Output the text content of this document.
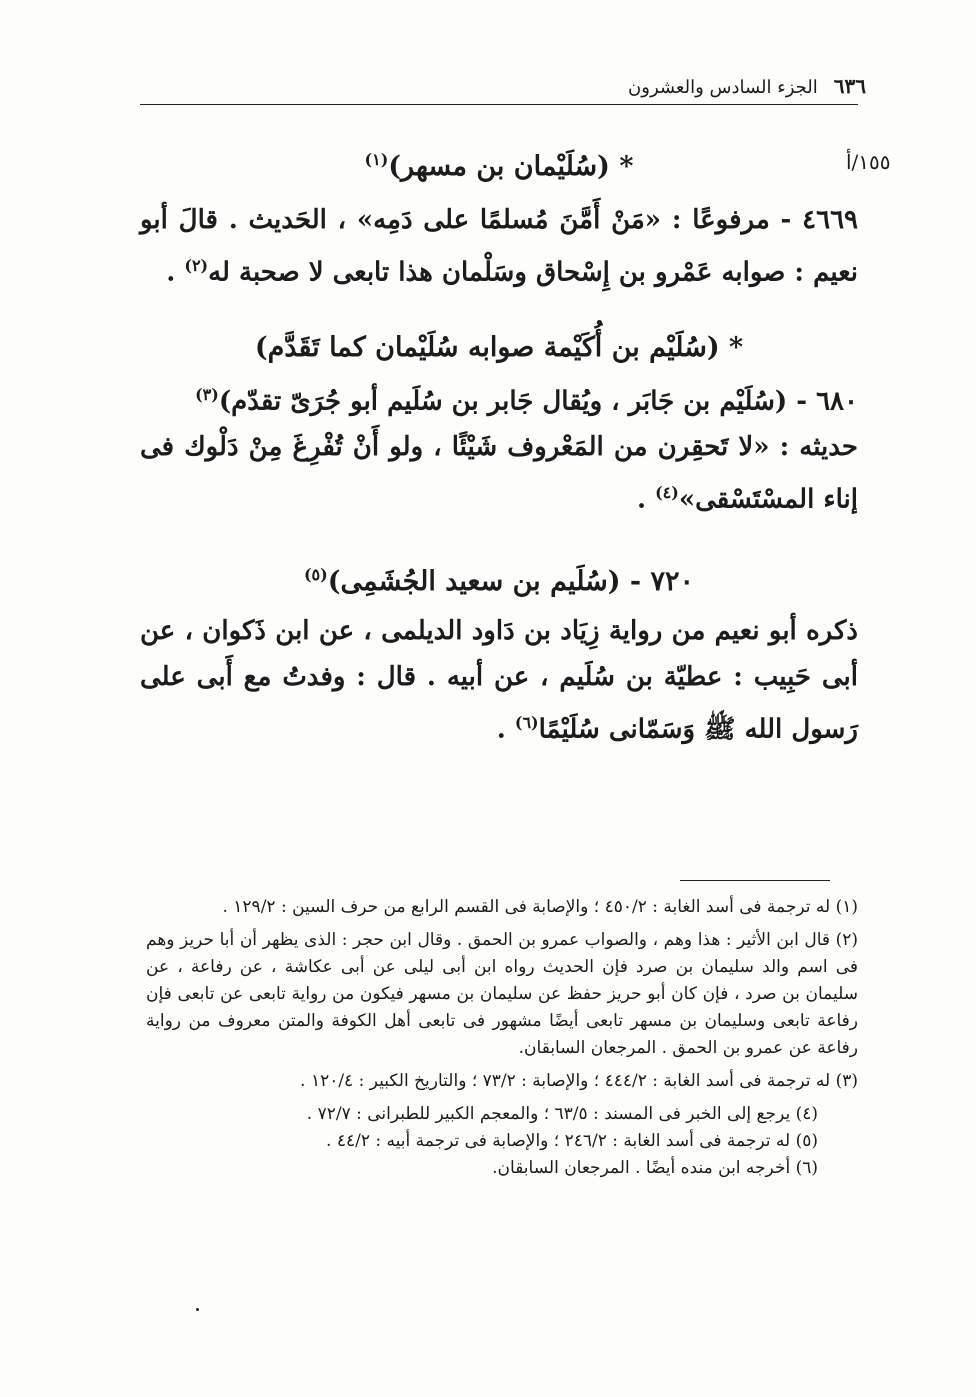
٦٣٦
الجزء السادس والعشرون
١٥٥/أ

* (سُلَيْمان بن مسهر)$^{(١)}$

٤٦٦٩ - مرفوعًا : «مَنْ أَمَّنَ مُسلمًا على دَمِه» ، الحَديث . قالَ أبو نعيم : صوابه عَمْرو بن إِسْحاق وسَلْمان هذا تابعى لا صحبة له$^{(٢)}$ .

* (سُلَيْم بن أُكَيْمة صوابه سُلَيْمان كما تَقَدَّم)

٦٨٠ - (سُلَيْم بن جَابَر ، ويُقال جَابر بن سُلَيم أبو جُرَىّ تقدّم)$^{(٣)}$

حديثه : «لا تَحقِرن من المَعْروف شَيْئًا ، ولو أَنْ تُفْرِغَ مِنْ دَلْوك فى إناء المسْتَسْقى»$^{(٤)}$ .

٧٢٠ - (سُلَيم بن سعيد الجُشَمِى)$^{(٥)}$

ذكره أبو نعيم من رواية زِيَاد بن دَاود الديلمى ، عن ابن ذَكوان ، عن أبى حَبِيب : عطيّة بن سُلَيم ، عن أبيه . قال : وفدتُ مع أَبى على رَسول الله ﷺ وَسَمّانى سُلَيْمًا$^{(٦)}$ .

(١) له ترجمة فى أسد الغابة : ٤٥٠/٢ ؛ والإصابة فى القسم الرابع من حرف السين : ١٢٩/٢ .

(٢) قال ابن الأثير : هذا وهم ، والصواب عمرو بن الحمق . وقال ابن حجر : الذى يظهر أن أبا حريز وهم فى اسم والد سليمان بن صرد فإن الحديث رواه ابن أبى ليلى عن أبى عكاشة ، عن رفاعة ، عن سليمان بن صرد ، فإن كان أبو حريز حفظ عن سليمان بن مسهر فيكون من رواية تابعى عن تابعى فإن رفاعة تابعى وسليمان بن مسهر تابعى أيضًا مشهور فى تابعى أهل الكوفة والمتن معروف من رواية رفاعة عن عمرو بن الحمق . المرجعان السابقان.

(٣) له ترجمة فى أسد الغابة : ٤٤٤/٢ ؛ والإصابة : ٧٣/٢ ؛ والتاريخ الكبير : ١٢٠/٤ .

(٤) يرجع إلى الخبر فى المسند : ٦٣/٥ ؛ والمعجم الكبير للطبرانى : ٧٢/٧ .

(٥) له ترجمة فى أسد الغابة : ٢٤٦/٢ ؛ والإصابة فى ترجمة أبيه : ٤٤/٢ .

(٦) أخرجه ابن منده أيضًا . المرجعان السابقان.
